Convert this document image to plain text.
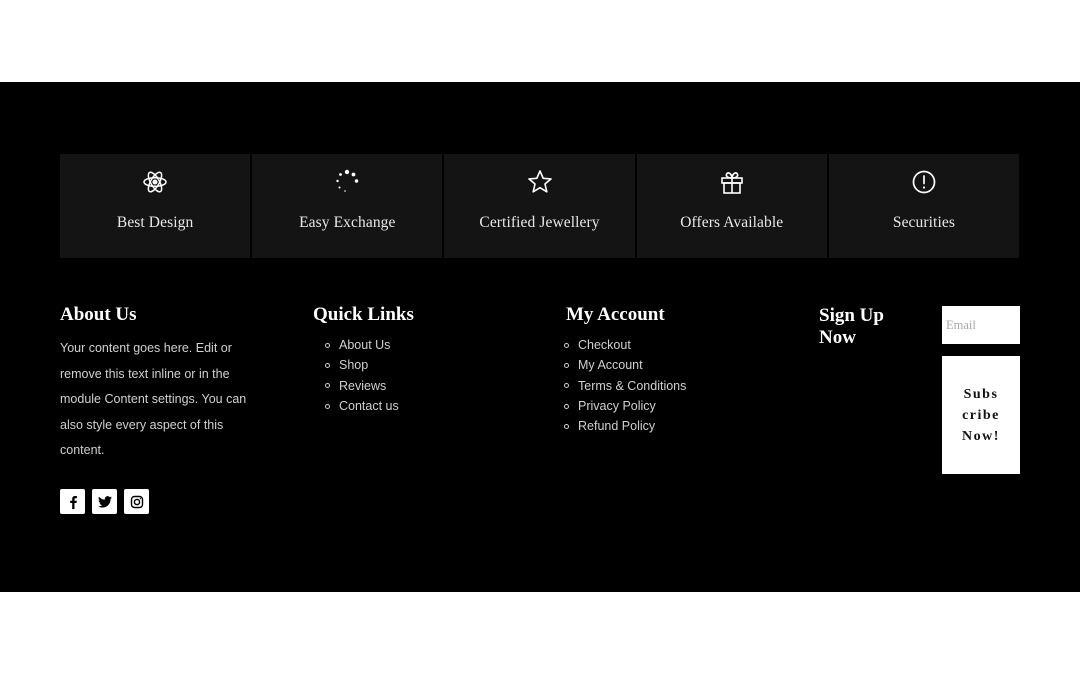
Best Design	Easy Exchange	Certified Jewellery	Offers Available	Securities
About Us

Your content goes here. Edit or remove this text inline or in the module Content settings. You can also style every aspect of this content.

Quick Links
About Us
Shop
Reviews
Contact us
My Account
Checkout
My Account
Terms & Conditions
Privacy Policy
Refund Policy
Sign Up Now
Email
Subscribe Now!
